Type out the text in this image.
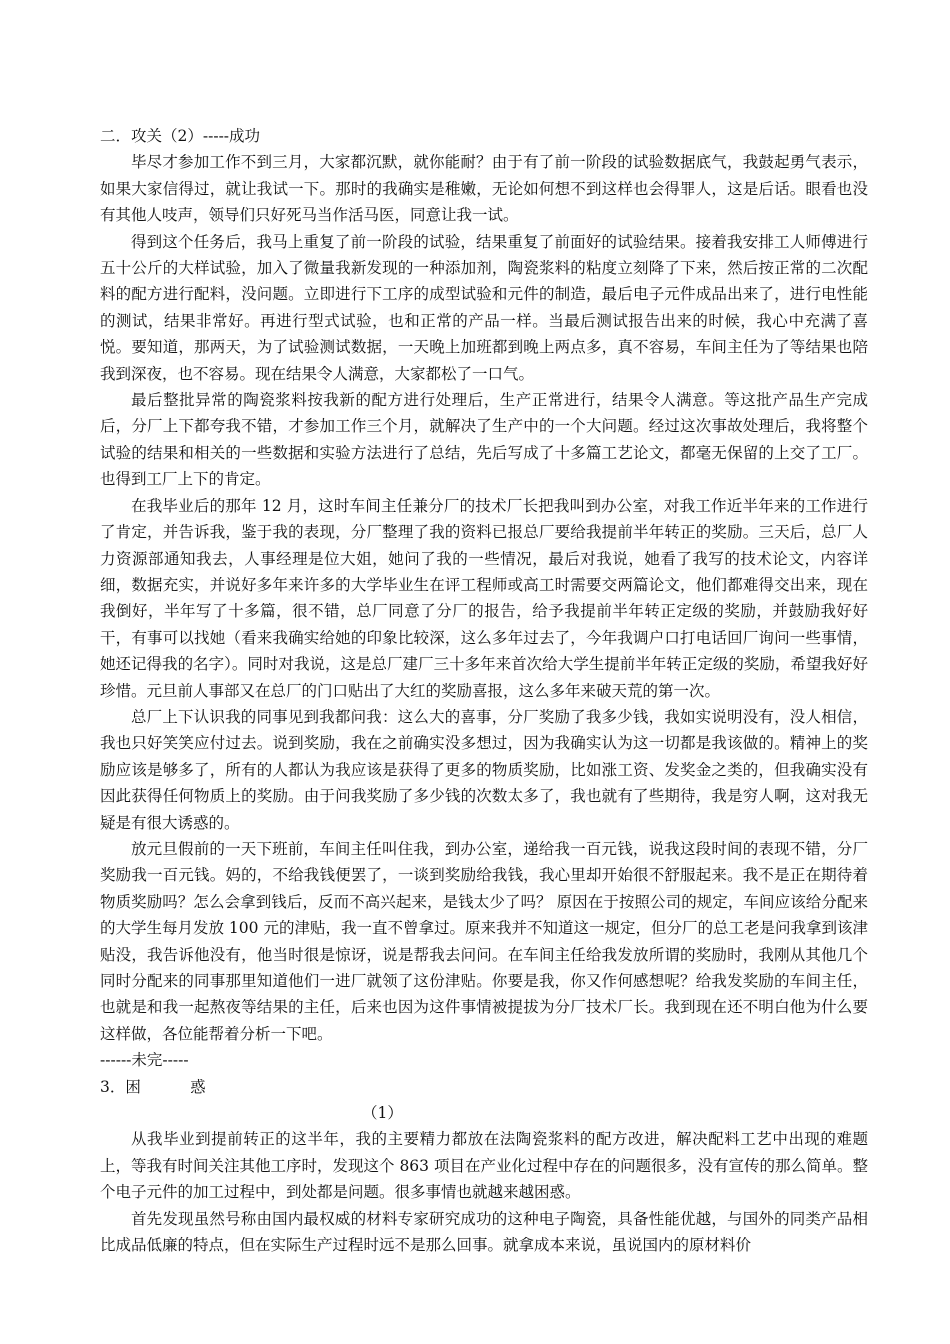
二．攻关（2）-----成功

毕尽才参加工作不到三月，大家都沉默，就你能耐？由于有了前一阶段的试验数据底气，我鼓起勇气表示，如果大家信得过，就让我试一下。那时的我确实是稚嫩，无论如何想不到这样也会得罪人，这是后话。眼看也没有其他人吱声，领导们只好死马当作活马医，同意让我一试。

得到这个任务后，我马上重复了前一阶段的试验，结果重复了前面好的试验结果。接着我安排工人师傅进行五十公斤的大样试验，加入了微量我新发现的一种添加剂，陶瓷浆料的粘度立刻降了下来，然后按正常的二次配料的配方进行配料，没问题。立即进行下工序的成型试验和元件的制造，最后电子元件成品出来了，进行电性能的测试，结果非常好。再进行型式试验，也和正常的产品一样。当最后测试报告出来的时候，我心中充满了喜悦。要知道，那两天，为了试验测试数据，一天晚上加班都到晚上两点多，真不容易，车间主任为了等结果也陪我到深夜，也不容易。现在结果令人满意，大家都松了一口气。

最后整批异常的陶瓷浆料按我新的配方进行处理后，生产正常进行，结果令人满意。等这批产品生产完成后，分厂上下都夸我不错，才参加工作三个月，就解决了生产中的一个大问题。经过这次事故处理后，我将整个试验的结果和相关的一些数据和实验方法进行了总结，先后写成了十多篇工艺论文，都毫无保留的上交了工厂。也得到工厂上下的肯定。

在我毕业后的那年 12 月，这时车间主任兼分厂的技术厂长把我叫到办公室，对我工作近半年来的工作进行了肯定，并告诉我，鉴于我的表现，分厂整理了我的资料已报总厂要给我提前半年转正的奖励。三天后，总厂人力资源部通知我去，人事经理是位大姐，她问了我的一些情况，最后对我说，她看了我写的技术论文，内容详细，数据充实，并说好多年来许多的大学毕业生在评工程师或高工时需要交两篇论文，他们都难得交出来，现在我倒好，半年写了十多篇，很不错，总厂同意了分厂的报告，给予我提前半年转正定级的奖励，并鼓励我好好干，有事可以找她（看来我确实给她的印象比较深，这么多年过去了，今年我调户口打电话回厂询问一些事情，她还记得我的名字）。同时对我说，这是总厂建厂三十多年来首次给大学生提前半年转正定级的奖励，希望我好好珍惜。元旦前人事部又在总厂的门口贴出了大红的奖励喜报，这么多年来破天荒的第一次。

总厂上下认识我的同事见到我都问我：这么大的喜事，分厂奖励了我多少钱，我如实说明没有，没人相信，我也只好笑笑应付过去。说到奖励，我在之前确实没多想过，因为我确实认为这一切都是我该做的。精神上的奖励应该是够多了，所有的人都认为我应该是获得了更多的物质奖励，比如涨工资、发奖金之类的，但我确实没有因此获得任何物质上的奖励。由于问我奖励了多少钱的次数太多了，我也就有了些期待，我是穷人啊，这对我无疑是有很大诱惑的。

放元旦假前的一天下班前，车间主任叫住我，到办公室，递给我一百元钱，说我这段时间的表现不错，分厂奖励我一百元钱。妈的，不给我钱便罢了，一谈到奖励给我钱，我心里却开始很不舒服起来。我不是正在期待着物质奖励吗？怎么会拿到钱后，反而不高兴起来，是钱太少了吗？ 原因在于按照公司的规定，车间应该给分配来的大学生每月发放 100 元的津贴，我一直不曾拿过。原来我并不知道这一规定，但分厂的总工老是问我拿到该津贴没，我告诉他没有，他当时很是惊讶，说是帮我去问问。在车间主任给我发放所谓的奖励时，我刚从其他几个同时分配来的同事那里知道他们一进厂就领了这份津贴。你要是我，你又作何感想呢？给我发奖励的车间主任，也就是和我一起熬夜等结果的主任，后来也因为这件事情被提拔为分厂技术厂长。我到现在还不明白他为什么要这样做，各位能帮着分析一下吧。

------未完-----

3．困          惑

（1）

从我毕业到提前转正的这半年，我的主要精力都放在法陶瓷浆料的配方改进，解决配料工艺中出现的难题上，等我有时间关注其他工序时，发现这个 863 项目在产业化过程中存在的问题很多，没有宣传的那么简单。整个电子元件的加工过程中，到处都是问题。很多事情也就越来越困惑。

首先发现虽然号称由国内最权威的材料专家研究成功的这种电子陶瓷，具备性能优越，与国外的同类产品相比成品低廉的特点，但在实际生产过程时远不是那么回事。就拿成本来说，虽说国内的原材料价
